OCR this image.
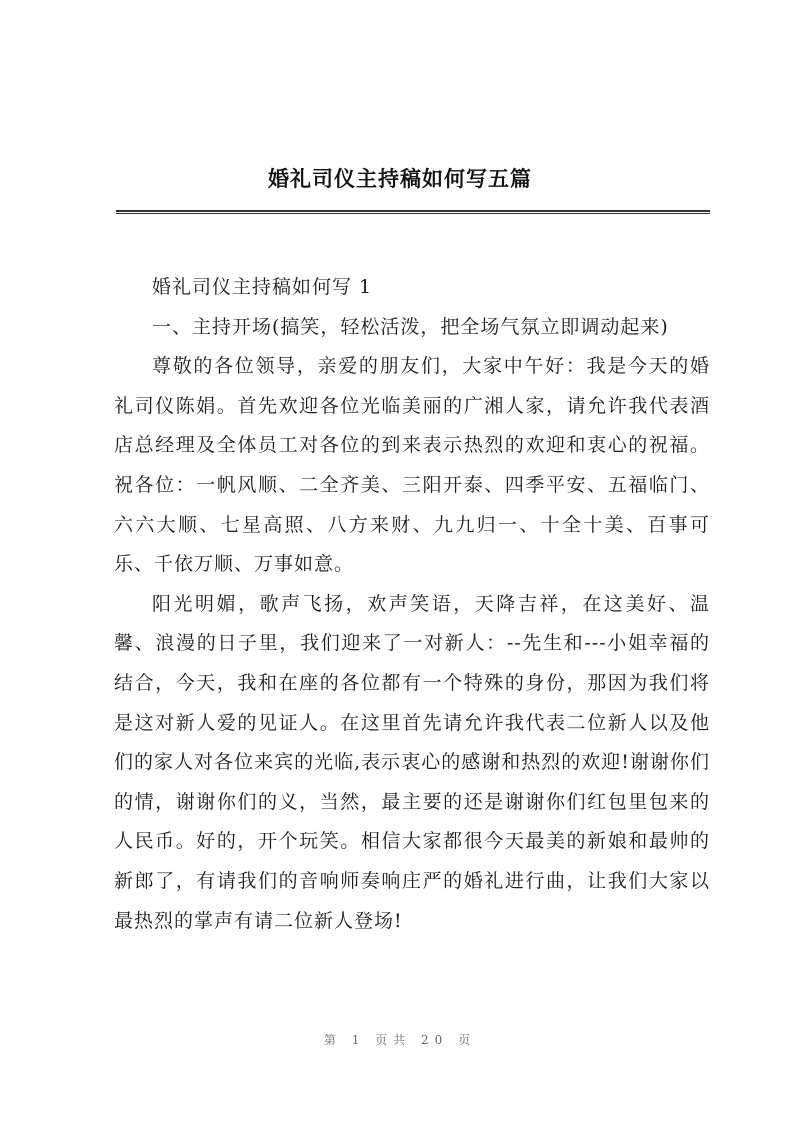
婚礼司仪主持稿如何写五篇

婚礼司仪主持稿如何写 1

一、主持开场(搞笑，轻松活泼，把全场气氛立即调动起来)

尊敬的各位领导，亲爱的朋友们，大家中午好：我是今天的婚礼司仪陈娟。首先欢迎各位光临美丽的广湘人家，请允许我代表酒店总经理及全体员工对各位的到来表示热烈的欢迎和衷心的祝福。祝各位：一帆风顺、二全齐美、三阳开泰、四季平安、五福临门、六六大顺、七星高照、八方来财、九九归一、十全十美、百事可乐、千依万顺、万事如意。

阳光明媚，歌声飞扬，欢声笑语，天降吉祥，在这美好、温馨、浪漫的日子里，我们迎来了一对新人：--先生和---小姐幸福的结合，今天，我和在座的各位都有一个特殊的身份，那因为我们将是这对新人爱的见证人。在这里首先请允许我代表二位新人以及他们的家人对各位来宾的光临,表示衷心的感谢和热烈的欢迎!谢谢你们的情，谢谢你们的义，当然，最主要的还是谢谢你们红包里包来的人民币。好的，开个玩笑。相信大家都很今天最美的新娘和最帅的新郎了，有请我们的音响师奏响庄严的婚礼进行曲，让我们大家以最热烈的掌声有请二位新人登场!

第 1 页共 20 页
